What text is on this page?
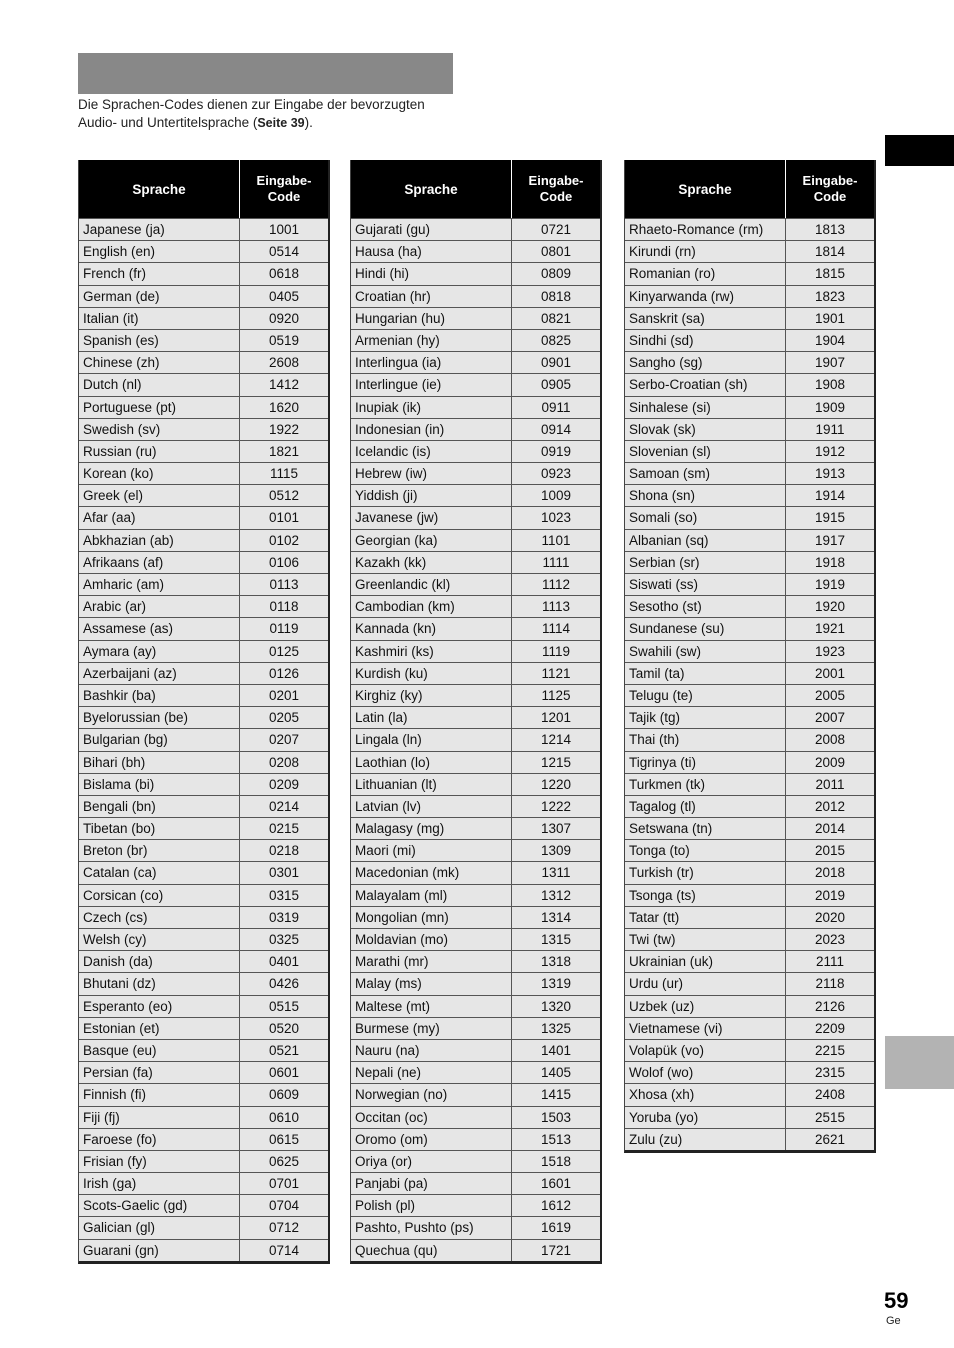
Die Sprachen-Codes dienen zur Eingabe der bevorzugten
Audio- und Untertitelsprache (Seite 39).
Sprache
Eingabe-
Code
Japanese (ja)	1001
English (en)	0514
French (fr)	0618
German (de)	0405
Italian (it)	0920
Spanish (es)	0519
Chinese (zh)	2608
Dutch (nl)	1412
Portuguese (pt)	1620
Swedish (sv)	1922
Russian (ru)	1821
Korean (ko)	1115
Greek (el)	0512
Afar (aa)	0101
Abkhazian (ab)	0102
Afrikaans (af)	0106
Amharic (am)	0113
Arabic (ar)	0118
Assamese (as)	0119
Aymara (ay)	0125
Azerbaijani (az)	0126
Bashkir (ba)	0201
Byelorussian (be)	0205
Bulgarian (bg)	0207
Bihari (bh)	0208
Bislama (bi)	0209
Bengali (bn)	0214
Tibetan (bo)	0215
Breton (br)	0218
Catalan (ca)	0301
Corsican (co)	0315
Czech (cs)	0319
Welsh (cy)	0325
Danish (da)	0401
Bhutani (dz)	0426
Esperanto (eo)	0515
Estonian (et)	0520
Basque (eu)	0521
Persian (fa)	0601
Finnish (fi)	0609
Fiji (fj)	0610
Faroese (fo)	0615
Frisian (fy)	0625
Irish (ga)	0701
Scots-Gaelic (gd)	0704
Galician (gl)	0712
Guarani (gn)	0714
Sprache
Eingabe-
Code
Gujarati (gu)	0721
Hausa (ha)	0801
Hindi (hi)	0809
Croatian (hr)	0818
Hungarian (hu)	0821
Armenian (hy)	0825
Interlingua (ia)	0901
Interlingue (ie)	0905
Inupiak (ik)	0911
Indonesian (in)	0914
Icelandic (is)	0919
Hebrew (iw)	0923
Yiddish (ji)	1009
Javanese (jw)	1023
Georgian (ka)	1101
Kazakh (kk)	1111
Greenlandic (kl)	1112
Cambodian (km)	1113
Kannada (kn)	1114
Kashmiri (ks)	1119
Kurdish (ku)	1121
Kirghiz (ky)	1125
Latin (la)	1201
Lingala (ln)	1214
Laothian (lo)	1215
Lithuanian (lt)	1220
Latvian (lv)	1222
Malagasy (mg)	1307
Maori (mi)	1309
Macedonian (mk)	1311
Malayalam (ml)	1312
Mongolian (mn)	1314
Moldavian (mo)	1315
Marathi (mr)	1318
Malay (ms)	1319
Maltese (mt)	1320
Burmese (my)	1325
Nauru (na)	1401
Nepali (ne)	1405
Norwegian (no)	1415
Occitan (oc)	1503
Oromo (om)	1513
Oriya (or)	1518
Panjabi (pa)	1601
Polish (pl)	1612
Pashto, Pushto (ps)	1619
Quechua (qu)	1721
Sprache
Eingabe-
Code
Rhaeto-Romance (rm)	1813
Kirundi (rn)	1814
Romanian (ro)	1815
Kinyarwanda (rw)	1823
Sanskrit (sa)	1901
Sindhi (sd)	1904
Sangho (sg)	1907
Serbo-Croatian (sh)	1908
Sinhalese (si)	1909
Slovak (sk)	1911
Slovenian (sl)	1912
Samoan (sm)	1913
Shona (sn)	1914
Somali (so)	1915
Albanian (sq)	1917
Serbian (sr)	1918
Siswati (ss)	1919
Sesotho (st)	1920
Sundanese (su)	1921
Swahili (sw)	1923
Tamil (ta)	2001
Telugu (te)	2005
Tajik (tg)	2007
Thai (th)	2008
Tigrinya (ti)	2009
Turkmen (tk)	2011
Tagalog (tl)	2012
Setswana (tn)	2014
Tonga (to)	2015
Turkish (tr)	2018
Tsonga (ts)	2019
Tatar (tt)	2020
Twi (tw)	2023
Ukrainian (uk)	2111
Urdu (ur)	2118
Uzbek (uz)	2126
Vietnamese (vi)	2209
Volapük (vo)	2215
Wolof (wo)	2315
Xhosa (xh)	2408
Yoruba (yo)	2515
Zulu (zu)	2621
59
Ge
